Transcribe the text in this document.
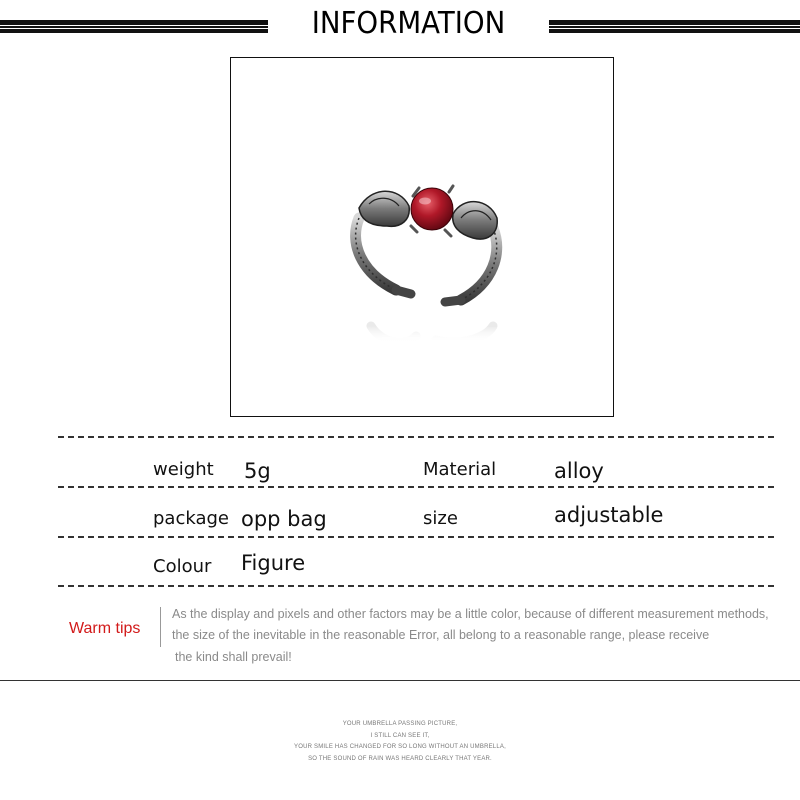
INFORMATION
weight 5g	Material	alloy
package opp bag	size	adjustable
Colour Figure
Warm tips
As the display and pixels and other factors may be a little color, because of different measurement methods,
the size of the inevitable in the reasonable Error, all belong to a reasonable range, please receive
the kind shall prevail!
YOUR UMBRELLA PASSING PICTURE,
I STILL CAN SEE IT,
YOUR SMILE HAS CHANGED FOR SO LONG WITHOUT AN UMBRELLA,
SO THE SOUND OF RAIN WAS HEARD CLEARLY THAT YEAR.
